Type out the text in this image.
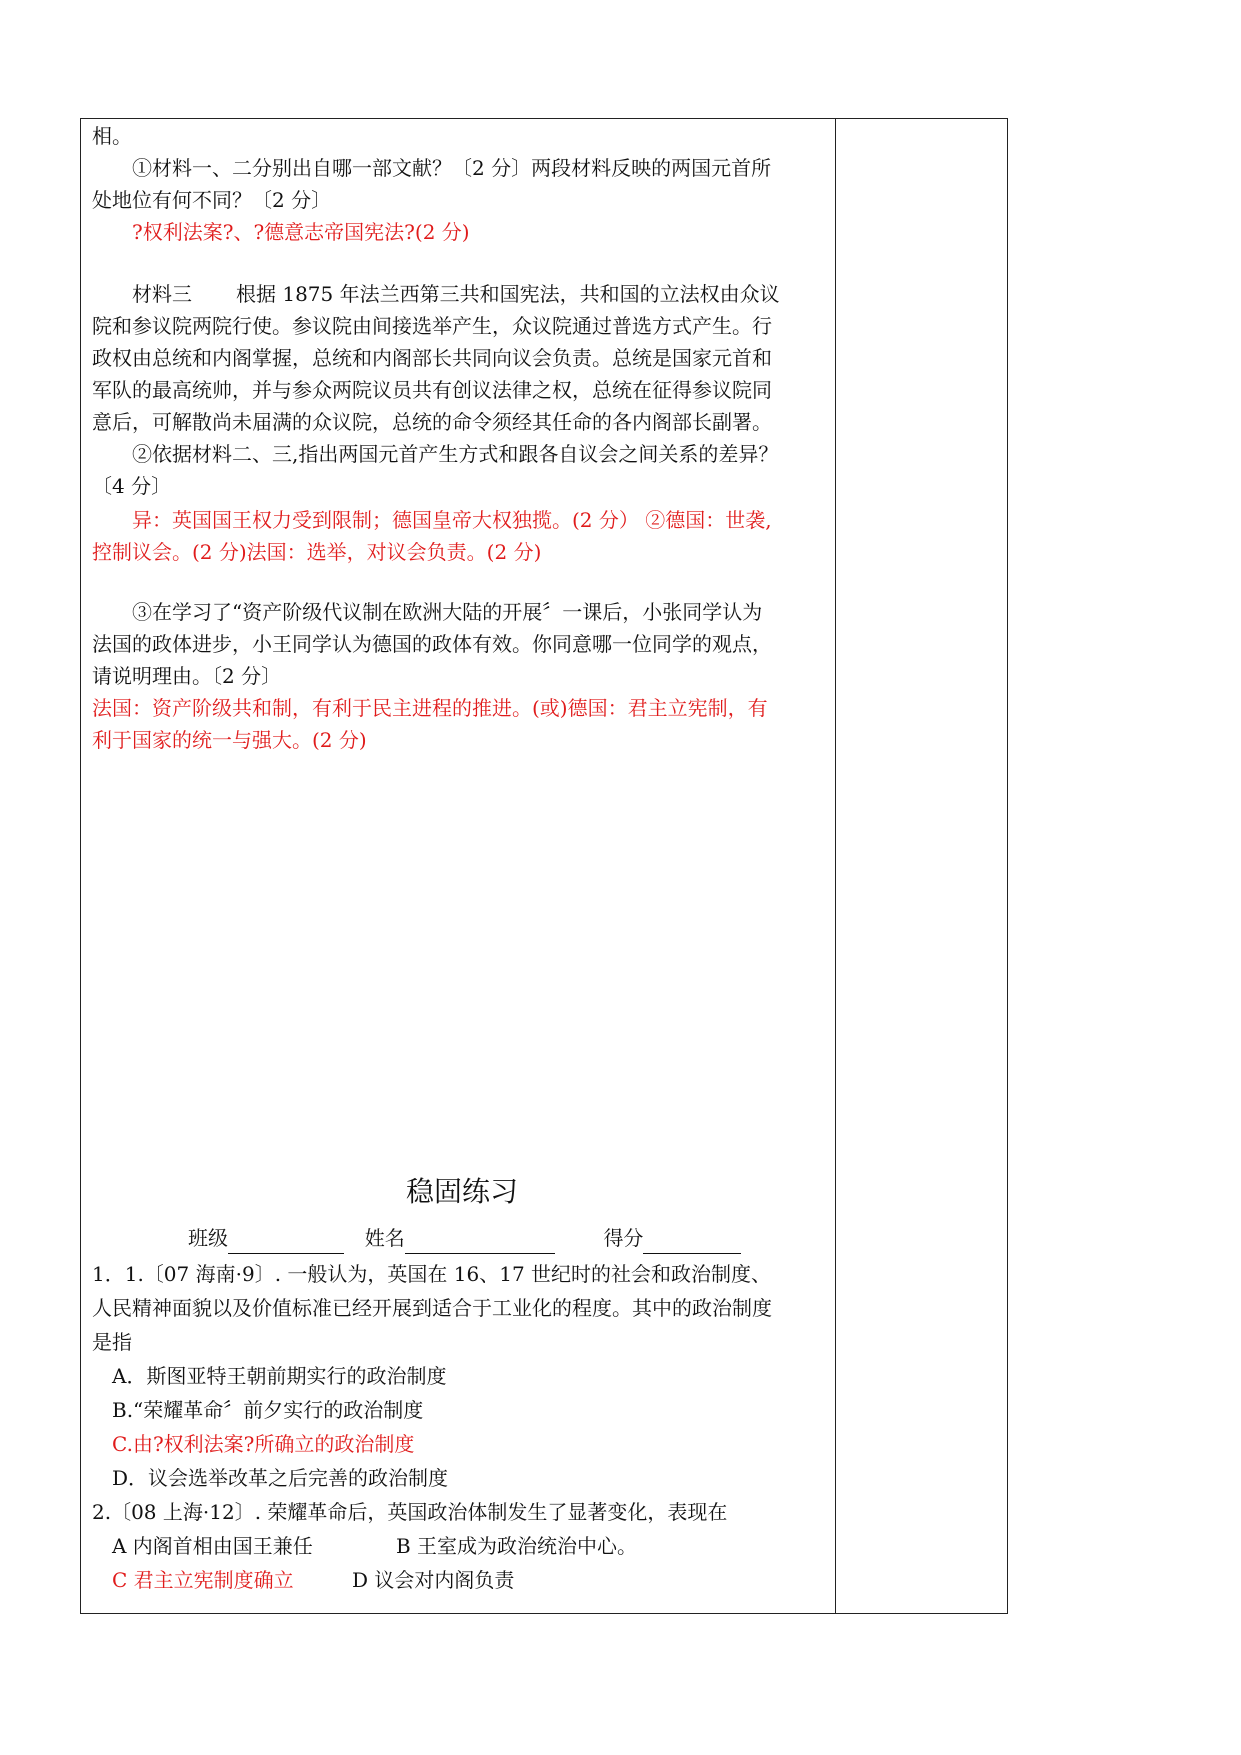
相。
①材料一、二分别出自哪一部文献？〔2 分〕两段材料反映的两国元首所
处地位有何不同？〔2 分〕
?权利法案?、?德意志帝国宪法?(2 分)
材料三 根据 1875 年法兰西第三共和国宪法，共和国的立法权由众议
院和参议院两院行使。参议院由间接选举产生，众议院通过普选方式产生。行
政权由总统和内阁掌握，总统和内阁部长共同向议会负责。总统是国家元首和
军队的最高统帅，并与参众两院议员共有创议法律之权，总统在征得参议院同
意后，可解散尚未届满的众议院，总统的命令须经其任命的各内阁部长副署。
②依据材料二、三,指出两国元首产生方式和跟各自议会之间关系的差异？
〔4 分〕
异：英国国王权力受到限制；德国皇帝大权独揽。(2 分） ②德国：世袭,
控制议会。(2 分)法国：选举，对议会负责。(2 分)
③在学习了“资产阶级代议制在欧洲大陆的开展〞一课后，小张同学认为
法国的政体进步，小王同学认为德国的政体有效。你同意哪一位同学的观点，
请说明理由。〔2 分〕
法国：资产阶级共和制，有利于民主进程的推进。(或)德国：君主立宪制，有
利于国家的统一与强大。(2 分)
稳固练习
班级	姓名	得分
1．1.〔07 海南·9〕. 一般认为，英国在 16、17 世纪时的社会和政治制度、
人民精神面貌以及价值标准已经开展到适合于工业化的程度。其中的政治制度
是指
A．斯图亚特王朝前期实行的政治制度
B.“荣耀革命〞前夕实行的政治制度
C.由?权利法案?所确立的政治制度
D．议会选举改革之后完善的政治制度
2.〔08 上海·12〕. 荣耀革命后，英国政治体制发生了显著变化，表现在
A 内阁首相由国王兼任	B 王室成为政治统治中心。
C 君主立宪制度确立	D 议会对内阁负责
